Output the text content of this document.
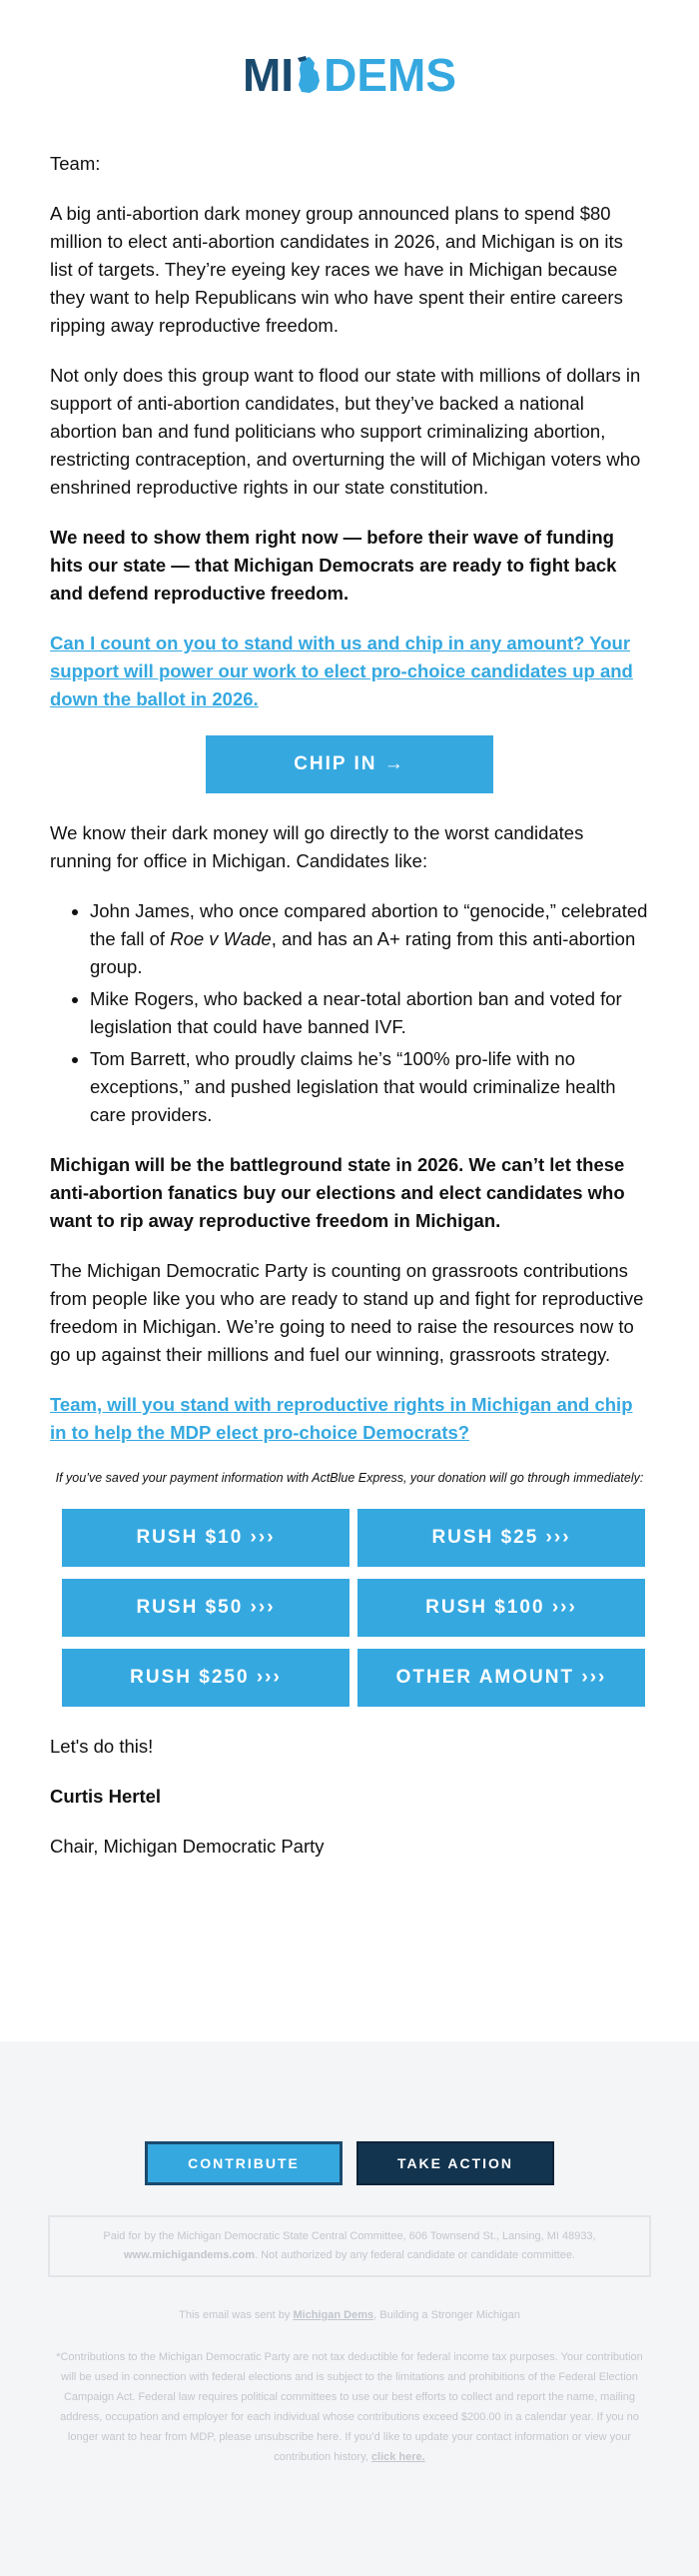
MI DEMS

Team:

A big anti-abortion dark money group announced plans to spend $80 million to elect anti-abortion candidates in 2026, and Michigan is on its list of targets. They’re eyeing key races we have in Michigan because they want to help Republicans win who have spent their entire careers ripping away reproductive freedom.

Not only does this group want to flood our state with millions of dollars in support of anti-abortion candidates, but they’ve backed a national abortion ban and fund politicians who support criminalizing abortion, restricting contraception, and overturning the will of Michigan voters who enshrined reproductive rights in our state constitution.

We need to show them right now — before their wave of funding hits our state — that Michigan Democrats are ready to fight back and defend reproductive freedom.

Can I count on you to stand with us and chip in any amount? Your support will power our work to elect pro-choice candidates up and down the ballot in 2026.

CHIP IN →

We know their dark money will go directly to the worst candidates running for office in Michigan. Candidates like:

• John James, who once compared abortion to “genocide,” celebrated the fall of Roe v Wade, and has an A+ rating from this anti-abortion group.
• Mike Rogers, who backed a near-total abortion ban and voted for legislation that could have banned IVF.
• Tom Barrett, who proudly claims he’s “100% pro-life with no exceptions,” and pushed legislation that would criminalize health care providers.

Michigan will be the battleground state in 2026. We can’t let these anti-abortion fanatics buy our elections and elect candidates who want to rip away reproductive freedom in Michigan.

The Michigan Democratic Party is counting on grassroots contributions from people like you who are ready to stand up and fight for reproductive freedom in Michigan. We’re going to need to raise the resources now to go up against their millions and fuel our winning, grassroots strategy.

Team, will you stand with reproductive rights in Michigan and chip in to help the MDP elect pro-choice Democrats?

If you’ve saved your payment information with ActBlue Express, your donation will go through immediately:

RUSH $10 ›››	RUSH $25 ›››
RUSH $50 ›››	RUSH $100 ›››
RUSH $250 ›››	OTHER AMOUNT ›››

Let's do this!

Curtis Hertel

Chair, Michigan Democratic Party

CONTRIBUTE	TAKE ACTION
Paid for by the Michigan Democratic State Central Committee, 606 Townsend St., Lansing, MI 48933,
www.michigandems.com. Not authorized by any federal candidate or candidate committee.
This email was sent by Michigan Dems, Building a Stronger Michigan
*Contributions to the Michigan Democratic Party are not tax deductible for federal income tax purposes. Your contribution will be used in connection with federal elections and is subject to the limitations and prohibitions of the Federal Election Campaign Act. Federal law requires political committees to use our best efforts to collect and report the name, mailing address, occupation and employer for each individual whose contributions exceed $200.00 in a calendar year. If you no longer want to hear from MDP, please unsubscribe here. If you’d like to update your contact information or view your contribution history, click here.
